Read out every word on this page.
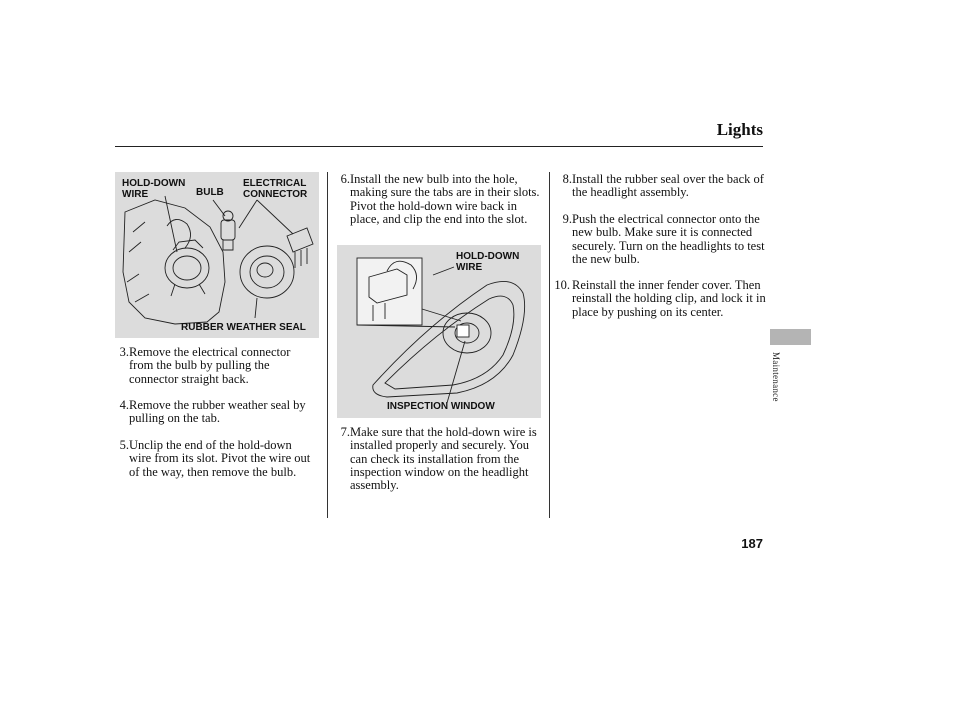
Lights
HOLD-DOWN
WIRE	BULB
ELECTRICAL
CONNECTOR
RUBBER WEATHER SEAL
3. Remove the electrical connector from the bulb by pulling the connector straight back.
4. Remove the rubber weather seal by pulling on the tab.
5. Unclip the end of the hold-down wire from its slot. Pivot the wire out of the way, then remove the bulb.
6. Install the new bulb into the hole, making sure the tabs are in their slots. Pivot the hold-down wire back in place, and clip the end into the slot.
HOLD-DOWN
WIRE
INSPECTION WINDOW
7. Make sure that the hold-down wire is installed properly and securely. You can check its installation from the inspection window on the headlight assembly.
8. Install the rubber seal over the back of the headlight assembly.
9. Push the electrical connector onto the new bulb. Make sure it is connected securely. Turn on the headlights to test the new bulb.
10. Reinstall the inner fender cover. Then reinstall the holding clip, and lock it in place by pushing on its center.
Maintenance
187
